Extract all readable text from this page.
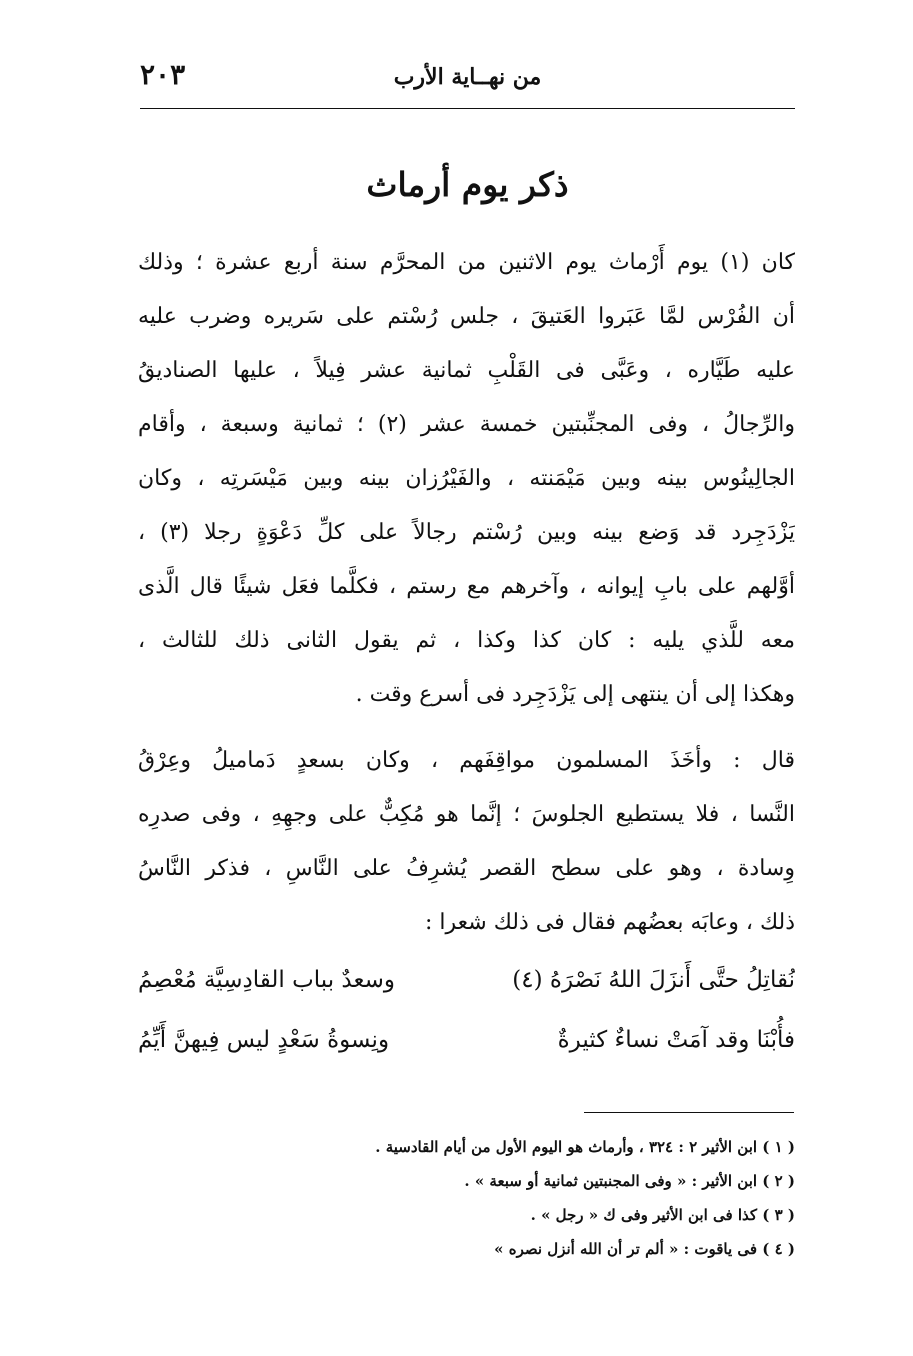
من نهــاية الأرب
٢٠٣
ذكر يوم أرماث
كان (١) يوم أَرْماث يوم الاثنين من المحرَّم سنة أربع عشرة ؛ وذلك
أن الفُرْس لمَّا عَبَروا العَتيقَ ، جلس رُسْتم على سَريره وضرب عليه
عليه طَيَّاره ، وعَبَّى فى القَلْبِ ثمانية عشر فِيلاً ، عليها الصناديقُ
والرِّجالُ ، وفى المجنِّبتين خمسة عشر (٢) ؛ ثمانية وسبعة ، وأقام
الجالِينُوس بينه وبين مَيْمَنته ، والفَيْرُزان بينه وبين مَيْسَرتِه ، وكان
يَزْدَجِرد قد وَضع بينه وبين رُسْتم رجالاً على كلِّ دَعْوَةٍ رجلا (٣) ،
أوَّلهم على بابِ إيوانه ، وآخرهم مع رستم ، فكلَّما فعَل شيئًا قال الَّذى
معه للَّذي يليه : كان كذا وكذا ، ثم يقول الثانى ذلك للثالث ،
وهكذا إلى أن ينتهى إلى يَزْدَجِرد فى أسرع وقت .
قال : وأخَذَ المسلمون مواقِفَهم ، وكان بسعدٍ دَماميلُ وعِرْقُ
النَّسا ، فلا يستطيع الجلوسَ ؛ إنَّما هو مُكِبٌّ على وجهِهِ ، وفى صدرِه
وِسادة ، وهو على سطح القصر يُشرِفُ على النَّاسِ ، فذكر النَّاسُ
ذلك ، وعابَه بعضُهم فقال فى ذلك شعرا :
نُقاتِلُ حتَّى أَنزَلَ اللهُ نَصْرَهُ (٤)
وسعدٌ بباب القادِسِيَّة مُعْصِمُ
فأُبْنَا وقد آمَتْ نساءٌ كثيرةٌ
ونِسوةُ سَعْدٍ ليس فِيهنَّ أَيِّمُ
( ١ ) ابن الأثير ٢ : ٣٢٤ ، وأرماث هو اليوم الأول من أيام القادسية .
( ٢ ) ابن الأثير : « وفى المجنبتين ثمانية أو سبعة » .
( ٣ ) كذا فى ابن الأثير وفى ك « رجل » .
( ٤ ) فى ياقوت : « ألم تر أن الله أنزل نصره »
